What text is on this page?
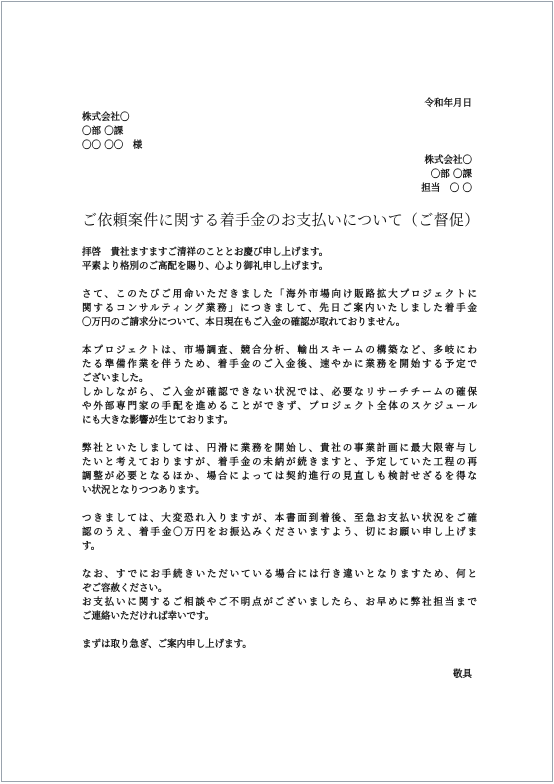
令和年月日
株式会社〇
〇部 〇課
〇〇 〇〇　様
株式会社〇
〇部 〇課
担当　〇 〇
ご依頼案件に関する着手金のお支払いについて（ご督促）
拝啓　貴社ますますご清祥のこととお慶び申し上げます。
平素より格別のご高配を賜り、心より御礼申し上げます。
さて、このたびご用命いただきました「海外市場向け販路拡大プロジェクトに
関するコンサルティング業務」につきまして、先日ご案内いたしました着手金
〇万円のご請求分について、本日現在もご入金の確認が取れておりません。
本プロジェクトは、市場調査、競合分析、輸出スキームの構築など、多岐にわ
たる準備作業を伴うため、着手金のご入金後、速やかに業務を開始する予定で
ございました。
しかしながら、ご入金が確認できない状況では、必要なリサーチチームの確保
や外部専門家の手配を進めることができず、プロジェクト全体のスケジュール
にも大きな影響が生じております。
弊社といたしましては、円滑に業務を開始し、貴社の事業計画に最大限寄与し
たいと考えておりますが、着手金の未納が続きますと、予定していた工程の再
調整が必要となるほか、場合によっては契約進行の見直しも検討せざるを得な
い状況となりつつあります。
つきましては、大変恐れ入りますが、本書面到着後、至急お支払い状況をご確
認のうえ、着手金〇万円をお振込みくださいますよう、切にお願い申し上げま
す。
なお、すでにお手続きいただいている場合には行き違いとなりますため、何と
ぞご容赦ください。
お支払いに関するご相談やご不明点がございましたら、お早めに弊社担当まで
ご連絡いただければ幸いです。
まずは取り急ぎ、ご案内申し上げます。
敬具
